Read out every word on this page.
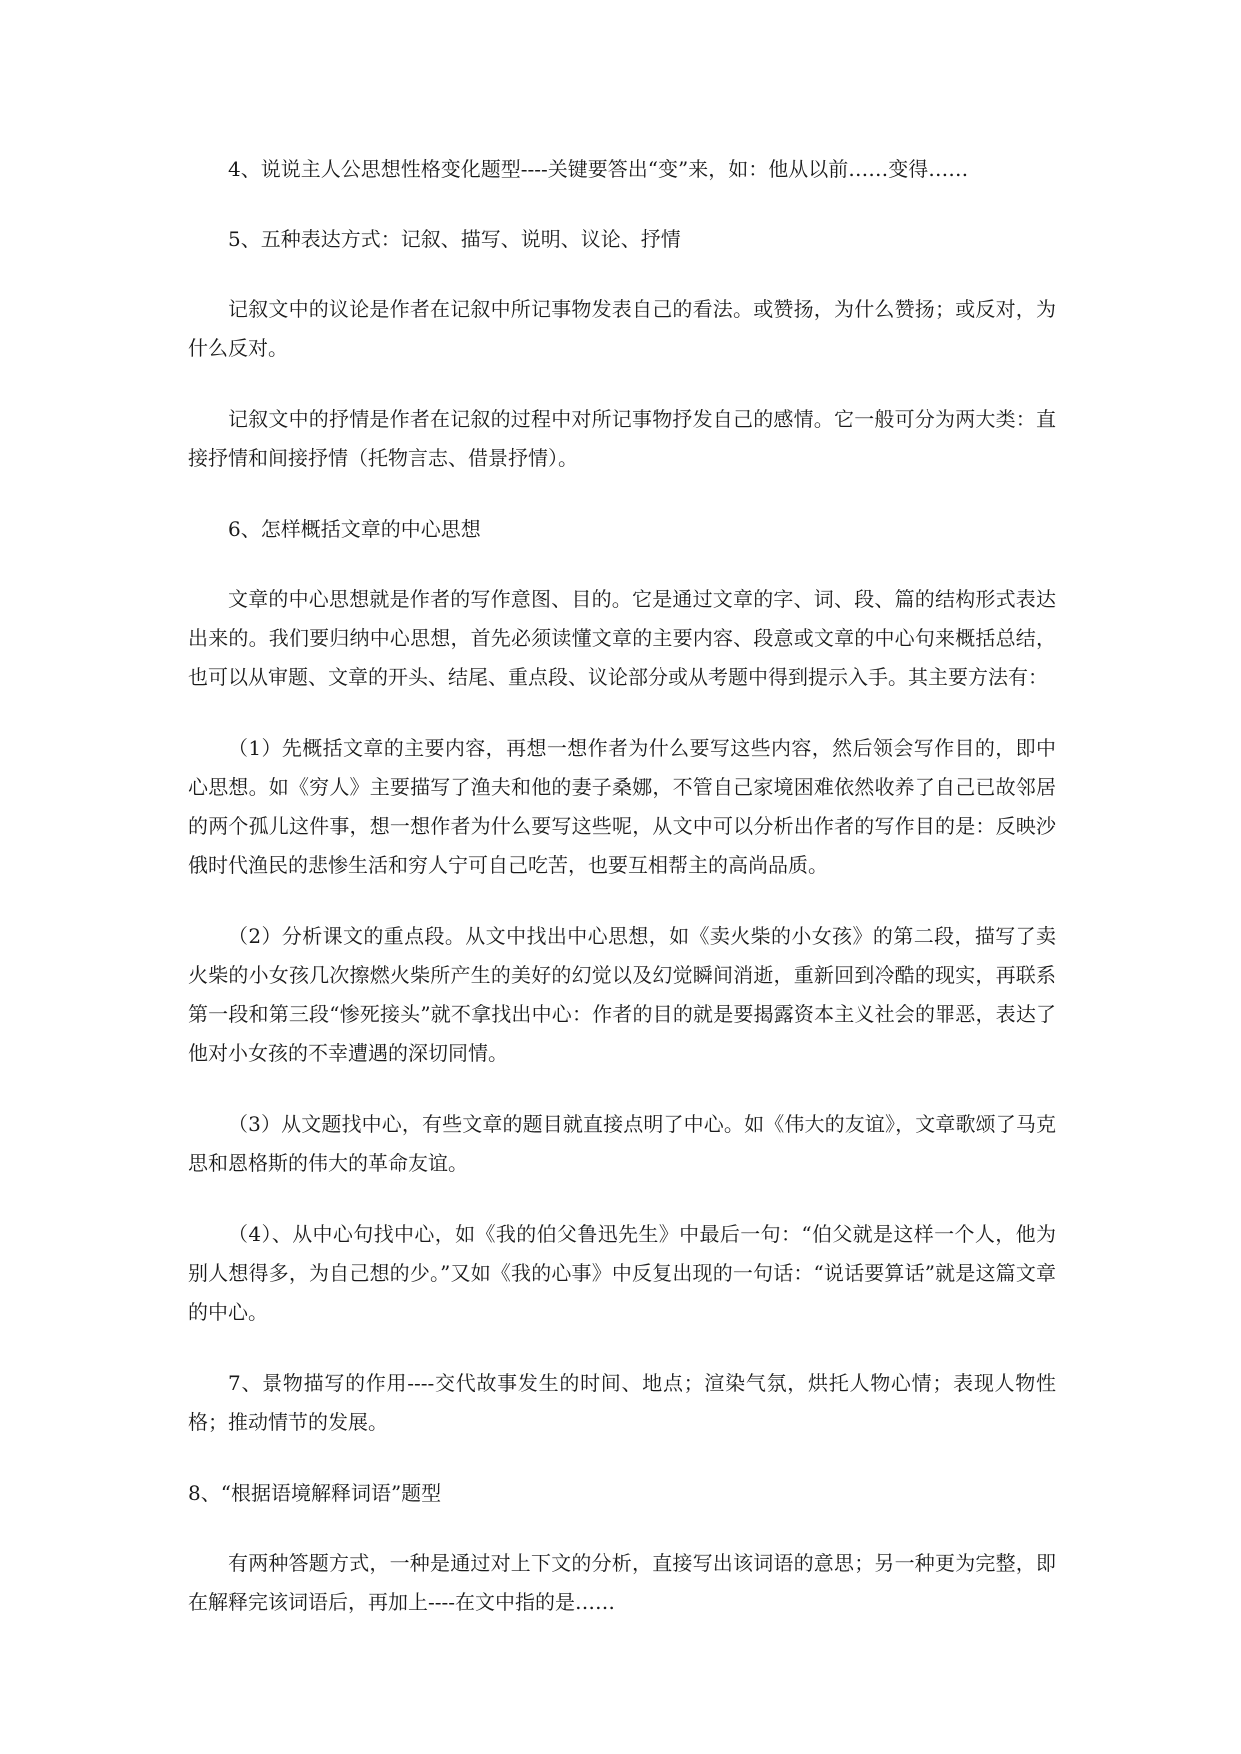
4、说说主人公思想性格变化题型----关键要答出“变”来，如：他从以前……变得……

5、五种表达方式：记叙、描写、说明、议论、抒情

记叙文中的议论是作者在记叙中所记事物发表自己的看法。或赞扬，为什么赞扬；或反对，为什么反对。

记叙文中的抒情是作者在记叙的过程中对所记事物抒发自己的感情。它一般可分为两大类：直接抒情和间接抒情（托物言志、借景抒情）。

6、怎样概括文章的中心思想

文章的中心思想就是作者的写作意图、目的。它是通过文章的字、词、段、篇的结构形式表达出来的。我们要归纳中心思想，首先必须读懂文章的主要内容、段意或文章的中心句来概括总结，也可以从审题、文章的开头、结尾、重点段、议论部分或从考题中得到提示入手。其主要方法有：

（1）先概括文章的主要内容，再想一想作者为什么要写这些内容，然后领会写作目的，即中心思想。如《穷人》主要描写了渔夫和他的妻子桑娜，不管自己家境困难依然收养了自己已故邻居的两个孤儿这件事，想一想作者为什么要写这些呢，从文中可以分析出作者的写作目的是：反映沙俄时代渔民的悲惨生活和穷人宁可自己吃苦，也要互相帮主的高尚品质。

（2）分析课文的重点段。从文中找出中心思想，如《卖火柴的小女孩》的第二段，描写了卖火柴的小女孩几次擦燃火柴所产生的美好的幻觉以及幻觉瞬间消逝，重新回到冷酷的现实，再联系第一段和第三段“惨死接头”就不拿找出中心：作者的目的就是要揭露资本主义社会的罪恶，表达了他对小女孩的不幸遭遇的深切同情。

（3）从文题找中心，有些文章的题目就直接点明了中心。如《伟大的友谊》，文章歌颂了马克思和恩格斯的伟大的革命友谊。

（4）、从中心句找中心，如《我的伯父鲁迅先生》中最后一句：“伯父就是这样一个人，他为别人想得多，为自己想的少。”又如《我的心事》中反复出现的一句话：“说话要算话”就是这篇文章的中心。

7、景物描写的作用----交代故事发生的时间、地点；渲染气氛，烘托人物心情；表现人物性格；推动情节的发展。

8、“根据语境解释词语”题型

有两种答题方式，一种是通过对上下文的分析，直接写出该词语的意思；另一种更为完整，即在解释完该词语后，再加上----在文中指的是……
